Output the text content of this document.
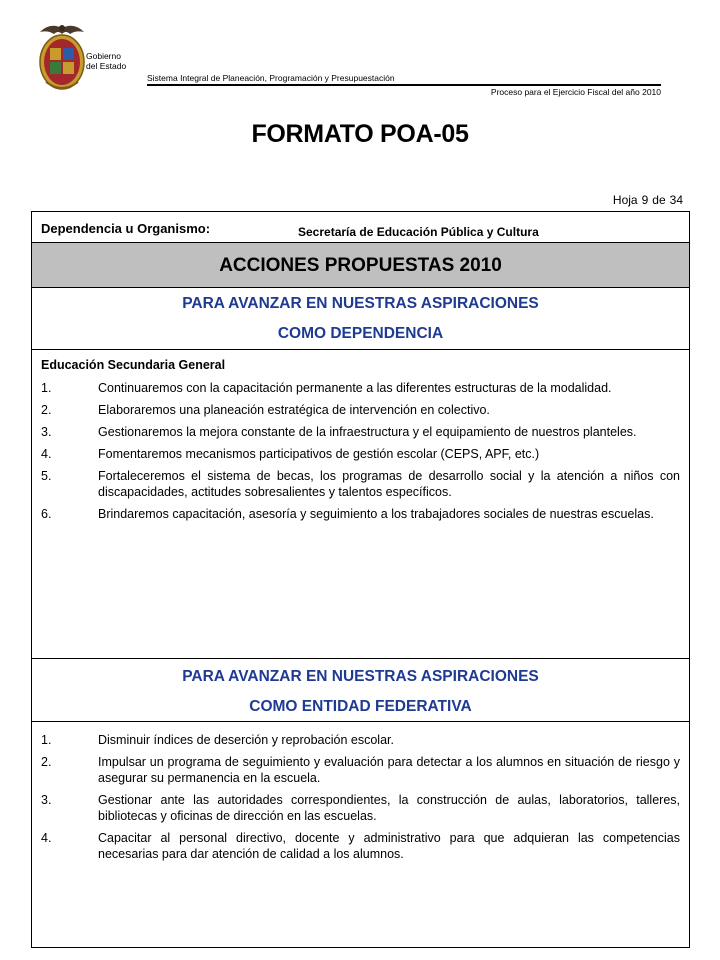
Gobierno
del Estado
Sistema Integral de Planeación, Programación y Presupuestación
Proceso para el Ejercicio Fiscal del año 2010
FORMATO POA-05
Hoja 9 de 34
Dependencia u Organismo:	Secretaría de Educación Pública y Cultura
ACCIONES PROPUESTAS 2010
PARA AVANZAR EN NUESTRAS ASPIRACIONES
COMO DEPENDENCIA
Educación Secundaria General
1.	Continuaremos con la capacitación permanente a las diferentes estructuras de la modalidad.
2.	Elaboraremos una planeación estratégica de intervención en colectivo.
3.	Gestionaremos la mejora constante de la infraestructura y el equipamiento de nuestros planteles.
4.	Fomentaremos mecanismos participativos de gestión escolar (CEPS, APF, etc.)
5.	Fortaleceremos el sistema de becas, los programas de desarrollo social y la atención a niños con discapacidades, actitudes sobresalientes y talentos específicos.
6.	Brindaremos capacitación, asesoría y seguimiento a los trabajadores sociales de nuestras escuelas.
PARA AVANZAR EN NUESTRAS ASPIRACIONES
COMO ENTIDAD FEDERATIVA
1.	Disminuir índices de deserción y reprobación escolar.
2.	Impulsar un programa de seguimiento y evaluación para detectar a los alumnos en situación de riesgo y asegurar su permanencia en la escuela.
3.	Gestionar ante las autoridades correspondientes, la construcción de aulas, laboratorios, talleres, bibliotecas y oficinas de dirección en las escuelas.
4.	Capacitar al personal directivo, docente y administrativo para que adquieran las competencias necesarias para dar atención de calidad a los alumnos.
